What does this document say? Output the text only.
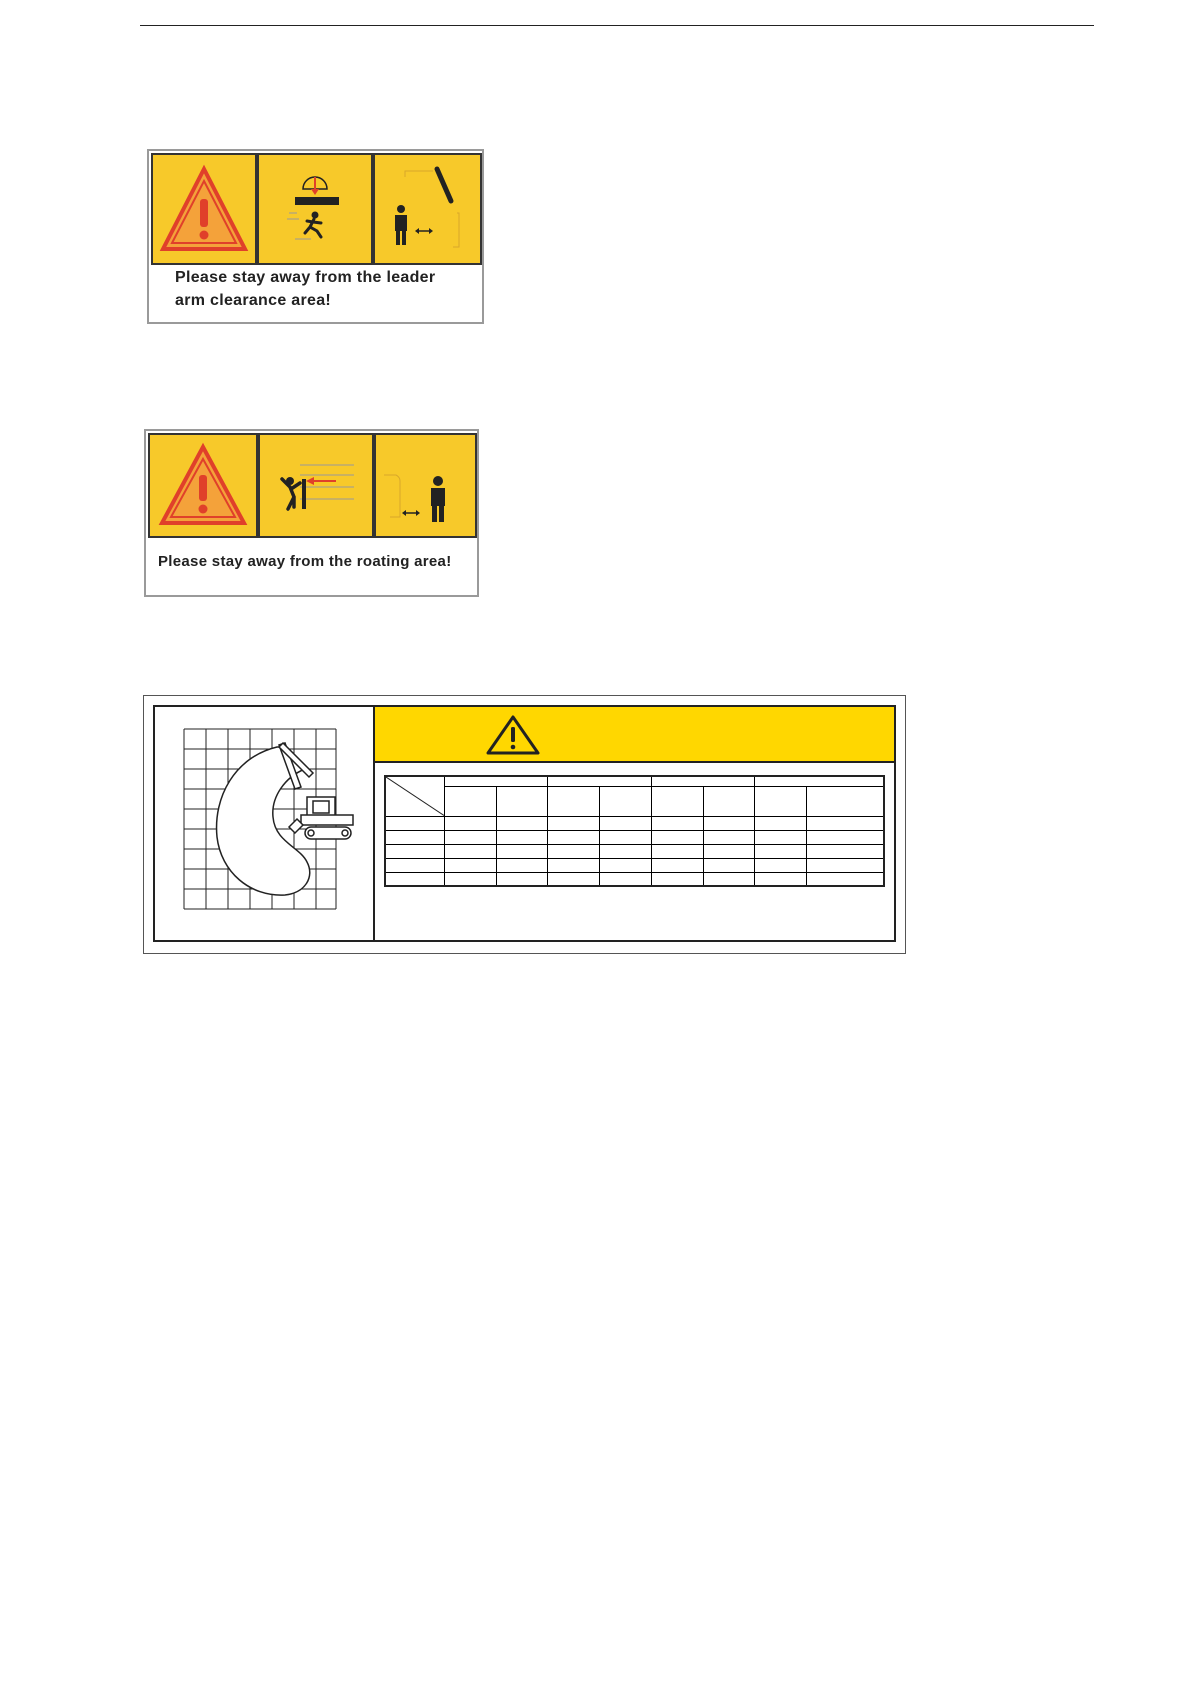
Please stay away from the leader
arm clearance area!
Please stay away from the roating area!
